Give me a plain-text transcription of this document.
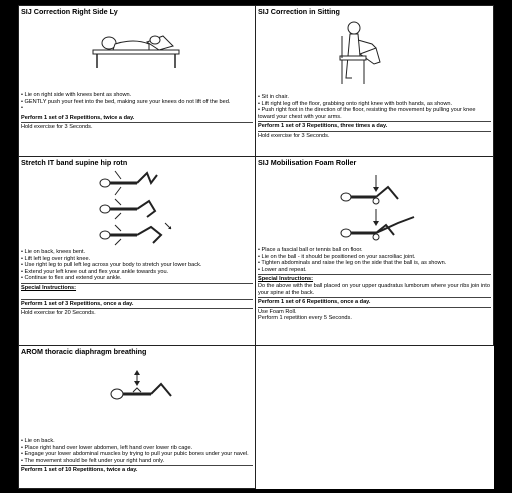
SIJ Correction Right Side Ly
• Lie on right side with knees bent as shown.
• GENTLY push your feet into the bed, making sure your knees do not lift off the bed.
•
Perform 1 set of 3 Repetitions, twice a day.
Hold exercise for 3 Seconds.
SIJ Correction in Sitting
• Sit in chair.
• Lift right leg off the floor, grabbing onto right knee with both hands, as shown.
• Push right foot in the direction of the floor, resisting the movement by pulling your knee toward your chest with your arms.
Perform 1 set of 3 Repetitions, three times a day.
Hold exercise for 3 Seconds.
Stretch IT band supine hip rotn
• Lie on back, knees bent.
• Lift left leg over right knee.
• Use right leg to pull left leg across your body to stretch your lower back.
• Extend your left knee out and flex your ankle towards you.
• Continue to flex and extend your ankle.
Special Instructions:
Perform 1 set of 3 Repetitions, once a day.
Hold exercise for 20 Seconds.
SIJ Mobilisation Foam Roller
• Place a fascial ball or tennis ball on floor.
• Lie on the ball - it should be positioned on your sacroiliac joint.
• Tighten abdominals and raise the leg on the side that the ball is, as shown.
• Lower and repeat.
Special Instructions:
Do the above with the ball placed on your upper quadratus lumborum where your ribs join into your spine at the back.
Perform 1 set of 6 Repetitions, once a day.
Use Foam Roll.
Perform 1 repetition every 5 Seconds.
AROM thoracic diaphragm breathing
• Lie on back.
• Place right hand over lower abdomen, left hand over lower rib cage.
• Engage your lower abdominal muscles by trying to pull your pubic bones under your navel.
• The movement should be felt under your right hand only.
Perform 1 set of 10 Repetitions, twice a day.
